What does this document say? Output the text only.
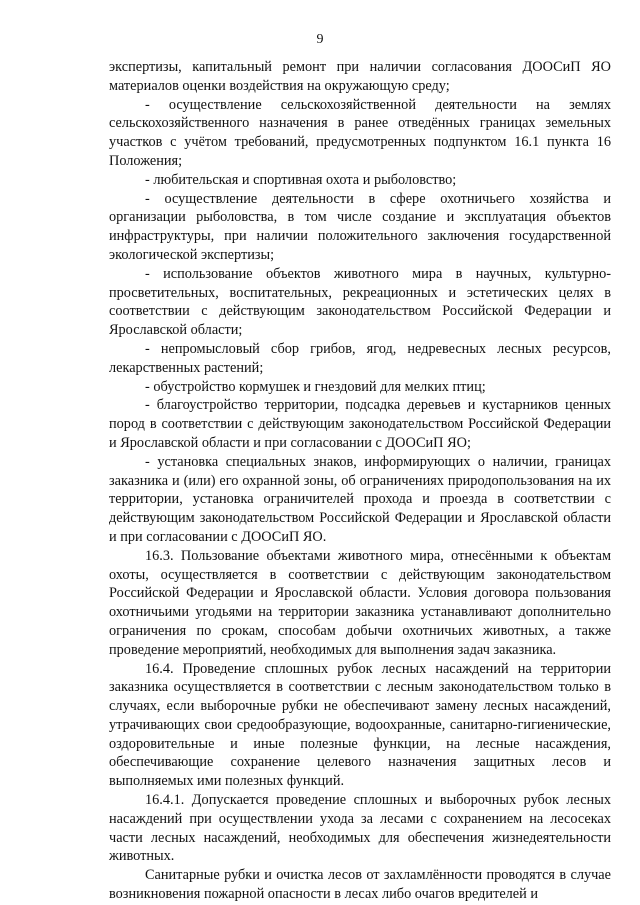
9

экспертизы, капитальный ремонт при наличии согласования ДООСиП ЯО материалов оценки воздействия на окружающую среду;

- осуществление сельскохозяйственной деятельности на землях сельскохозяйственного назначения в ранее отведённых границах земельных участков с учётом требований, предусмотренных подпунктом 16.1 пункта 16 Положения;

- любительская и спортивная охота и рыболовство;

- осуществление деятельности в сфере охотничьего хозяйства и организации рыболовства, в том числе создание и эксплуатация объектов инфраструктуры, при наличии положительного заключения государственной экологической экспертизы;

- использование объектов животного мира в научных, культурно-просветительных, воспитательных, рекреационных и эстетических целях в соответствии с действующим законодательством Российской Федерации и Ярославской области;

- непромысловый сбор грибов, ягод, недревесных лесных ресурсов, лекарственных растений;

- обустройство кормушек и гнездовий для мелких птиц;

- благоустройство территории, подсадка деревьев и кустарников ценных пород в соответствии с действующим законодательством Российской Федерации и Ярославской области и при согласовании с ДООСиП ЯО;

- установка специальных знаков, информирующих о наличии, границах заказника и (или) его охранной зоны, об ограничениях природопользования на их территории, установка ограничителей прохода и проезда в соответствии с действующим законодательством Российской Федерации и Ярославской области и при согласовании с ДООСиП ЯО.

16.3. Пользование объектами животного мира, отнесёнными к объектам охоты, осуществляется в соответствии с действующим законодательством Российской Федерации и Ярославской области. Условия договора пользования охотничьими угодьями на территории заказника устанавливают дополнительно ограничения по срокам, способам добычи охотничьих животных, а также проведение мероприятий, необходимых для выполнения задач заказника.

16.4. Проведение сплошных рубок лесных насаждений на территории заказника осуществляется в соответствии с лесным законодательством только в случаях, если выборочные рубки не обеспечивают замену лесных насаждений, утрачивающих свои средообразующие, водоохранные, санитарно-гигиенические, оздоровительные и иные полезные функции, на лесные насаждения, обеспечивающие сохранение целевого назначения защитных лесов и выполняемых ими полезных функций.

16.4.1. Допускается проведение сплошных и выборочных рубок лесных насаждений при осуществлении ухода за лесами с сохранением на лесосеках части лесных насаждений, необходимых для обеспечения жизнедеятельности животных.

Санитарные рубки и очистка лесов от захламлённости проводятся в случае возникновения пожарной опасности в лесах либо очагов вредителей и
